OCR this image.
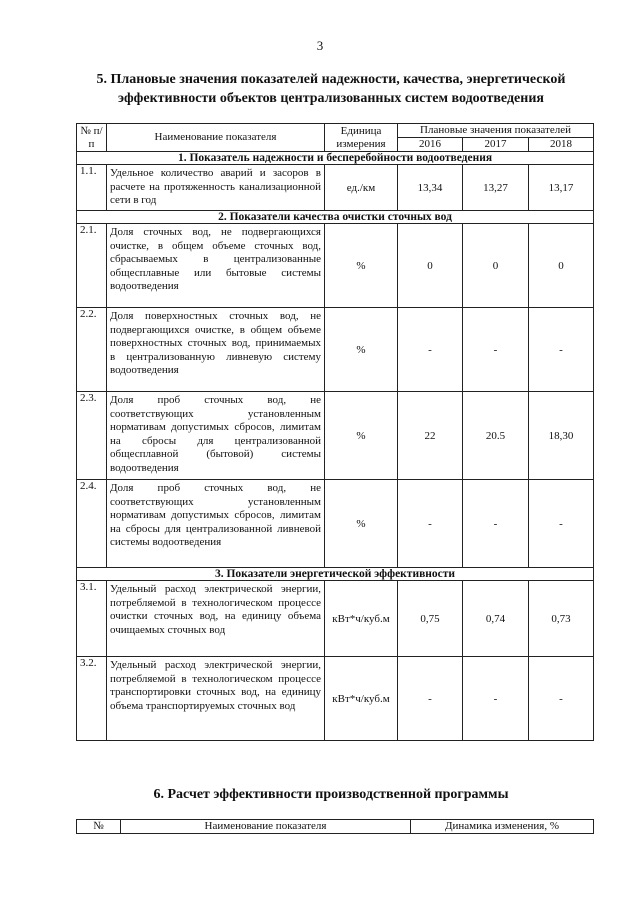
3
5. Плановые значения показателей надежности, качества, энергетической
эффективности объектов централизованных систем водоотведения
№ п/п	Наименование показателя	Единица измерения	Плановые значения показателей		
			2016	2017	2018
1. Показатель надежности и бесперебойности водоотведения					
1.1.	Удельное количество аварий и засоров в расчете на протяженность канализационной сети в год	ед./км	13,34	13,27	13,17
2. Показатели качества очистки сточных вод					
2.1.	Доля сточных вод, не подвергающихся очистке, в общем объеме сточных вод, сбрасываемых в централизованные общесплавные или бытовые системы водоотведения	%	0	0	0
2.2.	Доля поверхностных сточных вод, не подвергающихся очистке, в общем объеме поверхностных сточных вод, принимаемых в централизованную ливневую систему водоотведения	%	-	-	-
2.3.	Доля проб сточных вод, не соответствующих установленным нормативам допустимых сбросов, лимитам на сбросы для централизованной общесплавной (бытовой) системы водоотведения	%	22	20.5	18,30
2.4.	Доля проб сточных вод, не соответствующих установленным нормативам допустимых сбросов, лимитам на сбросы для централизованной ливневой системы водоотведения	%	-	-	-
3. Показатели энергетической эффективности					
3.1.	Удельный расход электрической энергии, потребляемой в технологическом процессе очистки сточных вод, на единицу объема очищаемых сточных вод	кВт*ч/куб.м	0,75	0,74	0,73
3.2.	Удельный расход электрической энергии, потребляемой в технологическом процессе транспортировки сточных вод, на единицу объема транспортируемых сточных вод	кВт*ч/куб.м	-	-	-
6. Расчет эффективности производственной программы
№	Наименование показателя	Динамика изменения, %
